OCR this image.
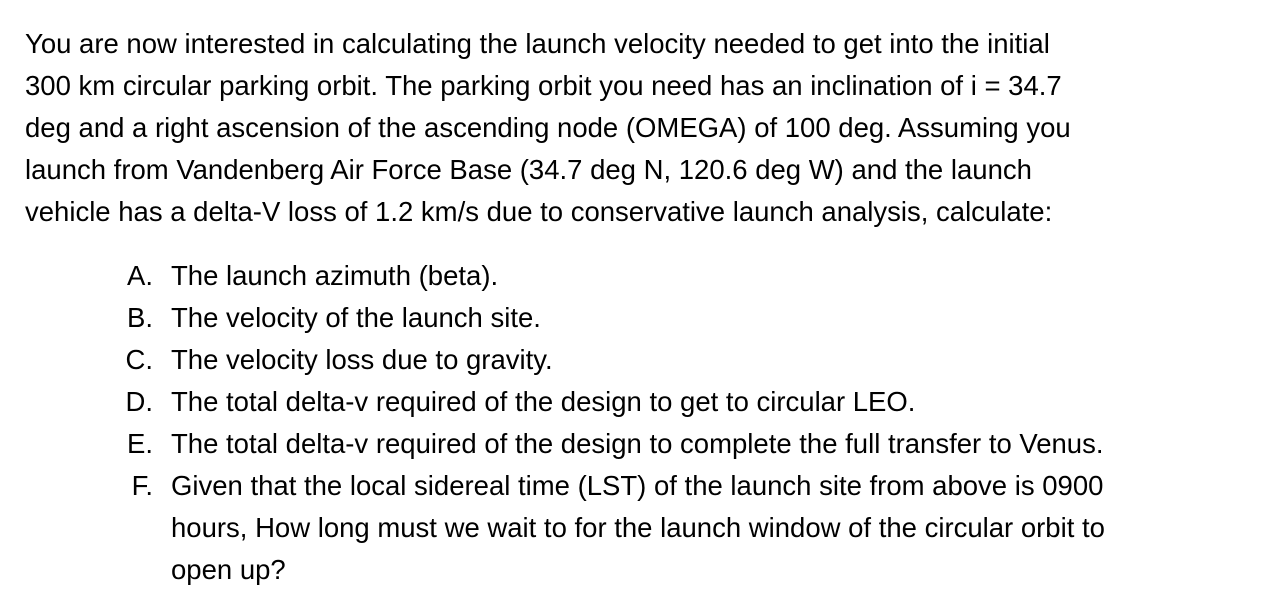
You are now interested in calculating the launch velocity needed to get into the initial
300 km circular parking orbit. The parking orbit you need has an inclination of i = 34.7
deg and a right ascension of the ascending node (OMEGA) of 100 deg. Assuming you
launch from Vandenberg Air Force Base (34.7 deg N, 120.6 deg W) and the launch
vehicle has a delta-V loss of 1.2 km/s due to conservative launch analysis, calculate:

A. The launch azimuth (beta).
B. The velocity of the launch site.
C. The velocity loss due to gravity.
D. The total delta-v required of the design to get to circular LEO.
E. The total delta-v required of the design to complete the full transfer to Venus.
F. Given that the local sidereal time (LST) of the launch site from above is 0900
hours, How long must we wait to for the launch window of the circular orbit to
open up?
